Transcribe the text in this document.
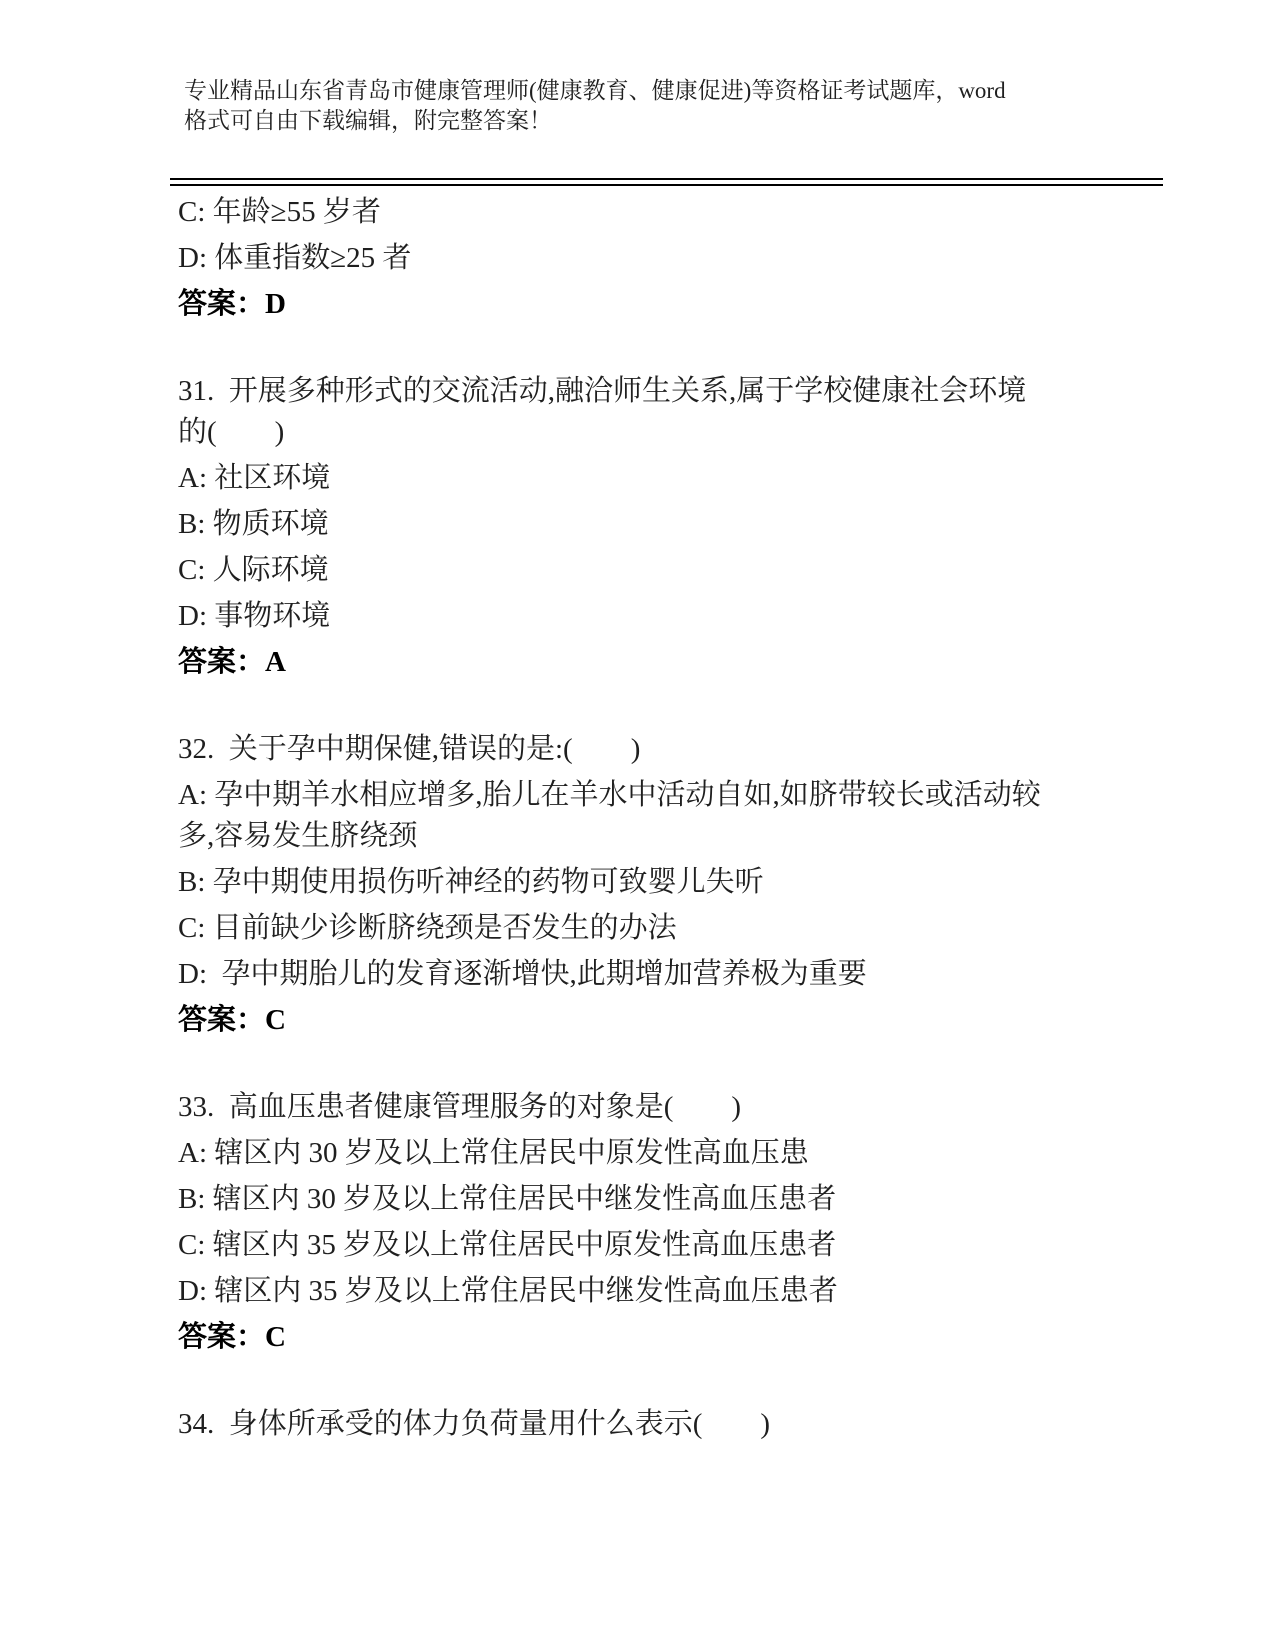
专业精品山东省青岛市健康管理师(健康教育、健康促进)等资格证考试题库，word
格式可自由下载编辑，附完整答案！
C: 年龄≥55 岁者
D: 体重指数≥25 者
答案：D
31.  开展多种形式的交流活动,融洽师生关系,属于学校健康社会环境
的(　　)
A: 社区环境
B: 物质环境
C: 人际环境
D: 事物环境
答案：A
32.  关于孕中期保健,错误的是:(　　)
A: 孕中期羊水相应增多,胎儿在羊水中活动自如,如脐带较长或活动较
多,容易发生脐绕颈
B: 孕中期使用损伤听神经的药物可致婴儿失听
C: 目前缺少诊断脐绕颈是否发生的办法
D:  孕中期胎儿的发育逐渐增快,此期增加营养极为重要
答案：C
33.  高血压患者健康管理服务的对象是(　　)
A: 辖区内 30 岁及以上常住居民中原发性高血压患
B: 辖区内 30 岁及以上常住居民中继发性高血压患者
C: 辖区内 35 岁及以上常住居民中原发性高血压患者
D: 辖区内 35 岁及以上常住居民中继发性高血压患者
答案：C
34.  身体所承受的体力负荷量用什么表示(　　)
